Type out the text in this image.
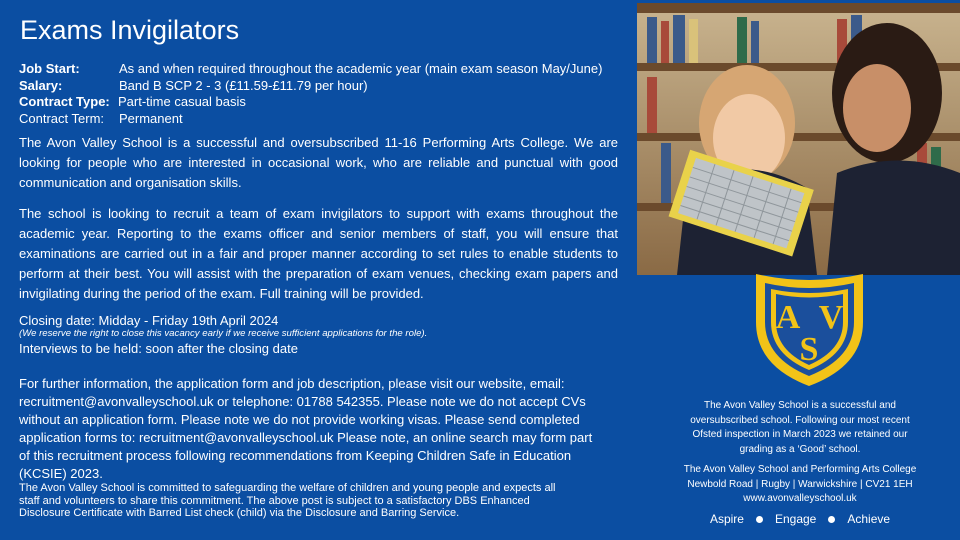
Exams Invigilators
Job Start:	As and when required throughout the academic year (main exam season May/June)
Salary:	Band B SCP 2 - 3 (£11.59-£11.79 per hour)
Contract Type: Part-time casual basis
Contract Term:	Permanent
The Avon Valley School is a successful and oversubscribed 11-16 Performing Arts College. We are looking for people who are interested in occasional work, who are reliable and punctual with good communication and organisation skills.
The school is looking to recruit a team of exam invigilators to support with exams throughout the academic year. Reporting to the exams officer and senior members of staff, you will ensure that examinations are carried out in a fair and proper manner according to set rules to enable students to perform at their best. You will assist with the preparation of exam venues, checking exam papers and invigilating during the period of the exam. Full training will be provided.
Closing date: Midday - Friday 19th April 2024
(We reserve the right to close this vacancy early if we receive sufficient applications for the role).
Interviews to be held: soon after the closing date
For further information, the application form and job description, please visit our website, email:
recruitment@avonvalleyschool.uk or telephone: 01788 542355. Please note we do not accept CVs
without an application form. Please note we do not provide working visas. Please send completed
application forms to: recruitment@avonvalleyschool.uk Please note, an online search may form part
of this recruitment process following recommendations from Keeping Children Safe in Education
(KCSIE) 2023.
The Avon Valley School is committed to safeguarding the welfare of children and young people and expects all
staff and volunteers to share this commitment. The above post is subject to a satisfactory DBS Enhanced
Disclosure Certificate with Barred List check (child) via the Disclosure and Barring Service.
A V
S
The Avon Valley School is a successful and
oversubscribed school. Following our most recent
Ofsted inspection in March 2023 we retained our
grading as a ‘Good’ school.
The Avon Valley School and Performing Arts College
Newbold Road | Rugby | Warwickshire | CV21 1EH
www.avonvalleyschool.uk
Aspire	Engage	Achieve
